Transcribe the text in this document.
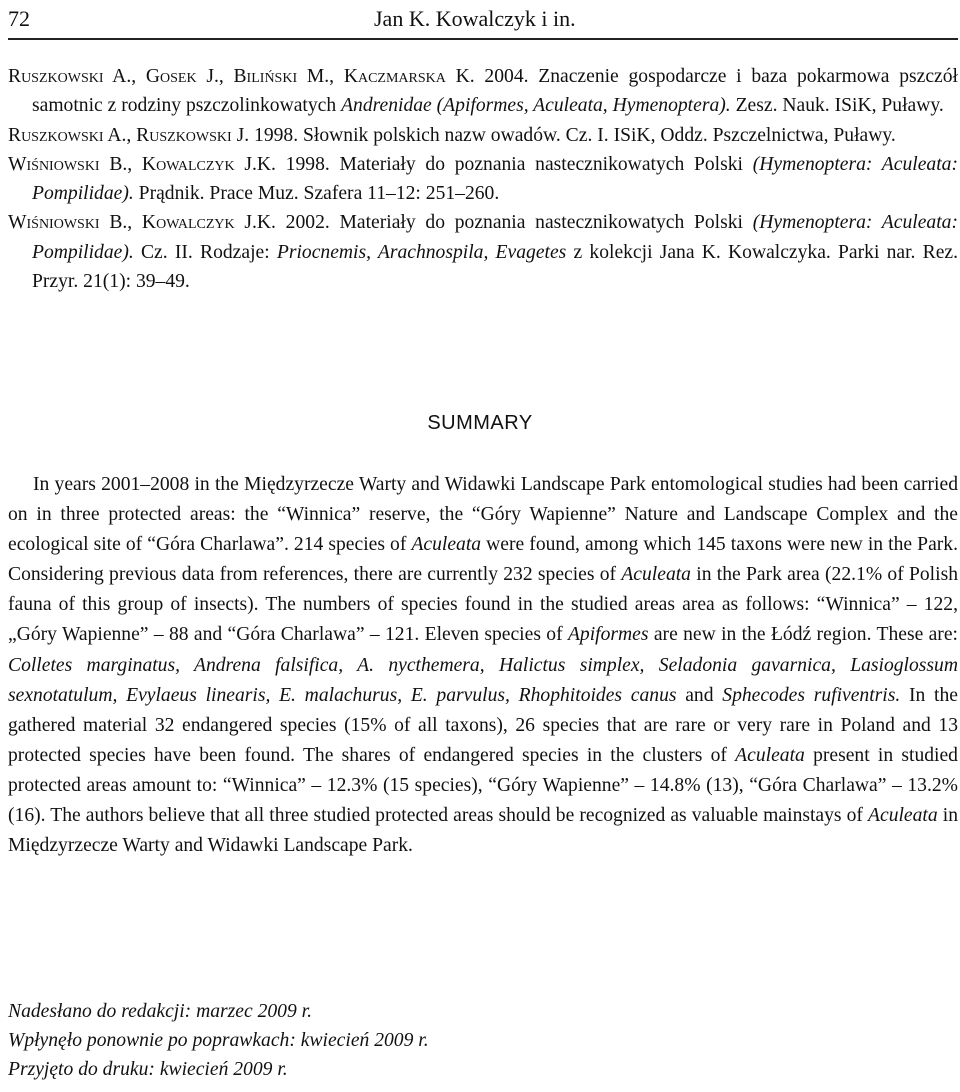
72	Jan K. Kowalczyk i in.

Ruszkowski A., Gosek J., Biliński M., Kaczmarska K. 2004. Znaczenie gospodarcze i baza pokarmowa pszczół samotnic z rodziny pszczolinkowatych Andrenidae (Apiformes, Aculeata, Hymenoptera). Zesz. Nauk. ISiK, Puławy.

Ruszkowski A., Ruszkowski J. 1998. Słownik polskich nazw owadów. Cz. I. ISiK, Oddz. Pszczelnictwa, Puławy.

Wiśniowski B., Kowalczyk J.K. 1998. Materiały do poznania nastecznikowatych Polski (Hymenoptera: Aculeata: Pompilidae). Prądnik. Prace Muz. Szafera 11–12: 251–260.

Wiśniowski B., Kowalczyk J.K. 2002. Materiały do poznania nastecznikowatych Polski (Hymenoptera: Aculeata: Pompilidae). Cz. II. Rodzaje: Priocnemis, Arachnospila, Evagetes z kolekcji Jana K. Kowalczyka. Parki nar. Rez. Przyr. 21(1): 39–49.

SUMMARY

In years 2001–2008 in the Międzyrzecze Warty and Widawki Landscape Park entomological studies had been carried on in three protected areas: the “Winnica” reserve, the “Góry Wapienne” Nature and Landscape Complex and the ecological site of “Góra Charlawa”. 214 species of Aculeata were found, among which 145 taxons were new in the Park. Considering previous data from references, there are currently 232 species of Aculeata in the Park area (22.1% of Polish fauna of this group of insects). The numbers of species found in the studied areas area as follows: “Winnica” – 122, „Góry Wapienne” – 88 and “Góra Charlawa” – 121. Eleven species of Apiformes are new in the Łódź region. These are: Colletes marginatus, Andrena falsifica, A. nycthemera, Halictus simplex, Seladonia gavarnica, Lasioglossum sexnotatulum, Evylaeus linearis, E. malachurus, E. parvulus, Rhophitoides canus and Sphecodes rufiventris. In the gathered material 32 endangered species (15% of all taxons), 26 species that are rare or very rare in Poland and 13 protected species have been found. The shares of endangered species in the clusters of Aculeata present in studied protected areas amount to: “Winnica” – 12.3% (15 species), “Góry Wapienne” – 14.8% (13), “Góra Charlawa” – 13.2% (16). The authors believe that all three studied protected areas should be recognized as valuable mainstays of Aculeata in Międzyrzecze Warty and Widawki Landscape Park.

Nadesłano do redakcji: marzec 2009 r.
Wpłynęło ponownie po poprawkach: kwiecień 2009 r.
Przyjęto do druku: kwiecień 2009 r.
